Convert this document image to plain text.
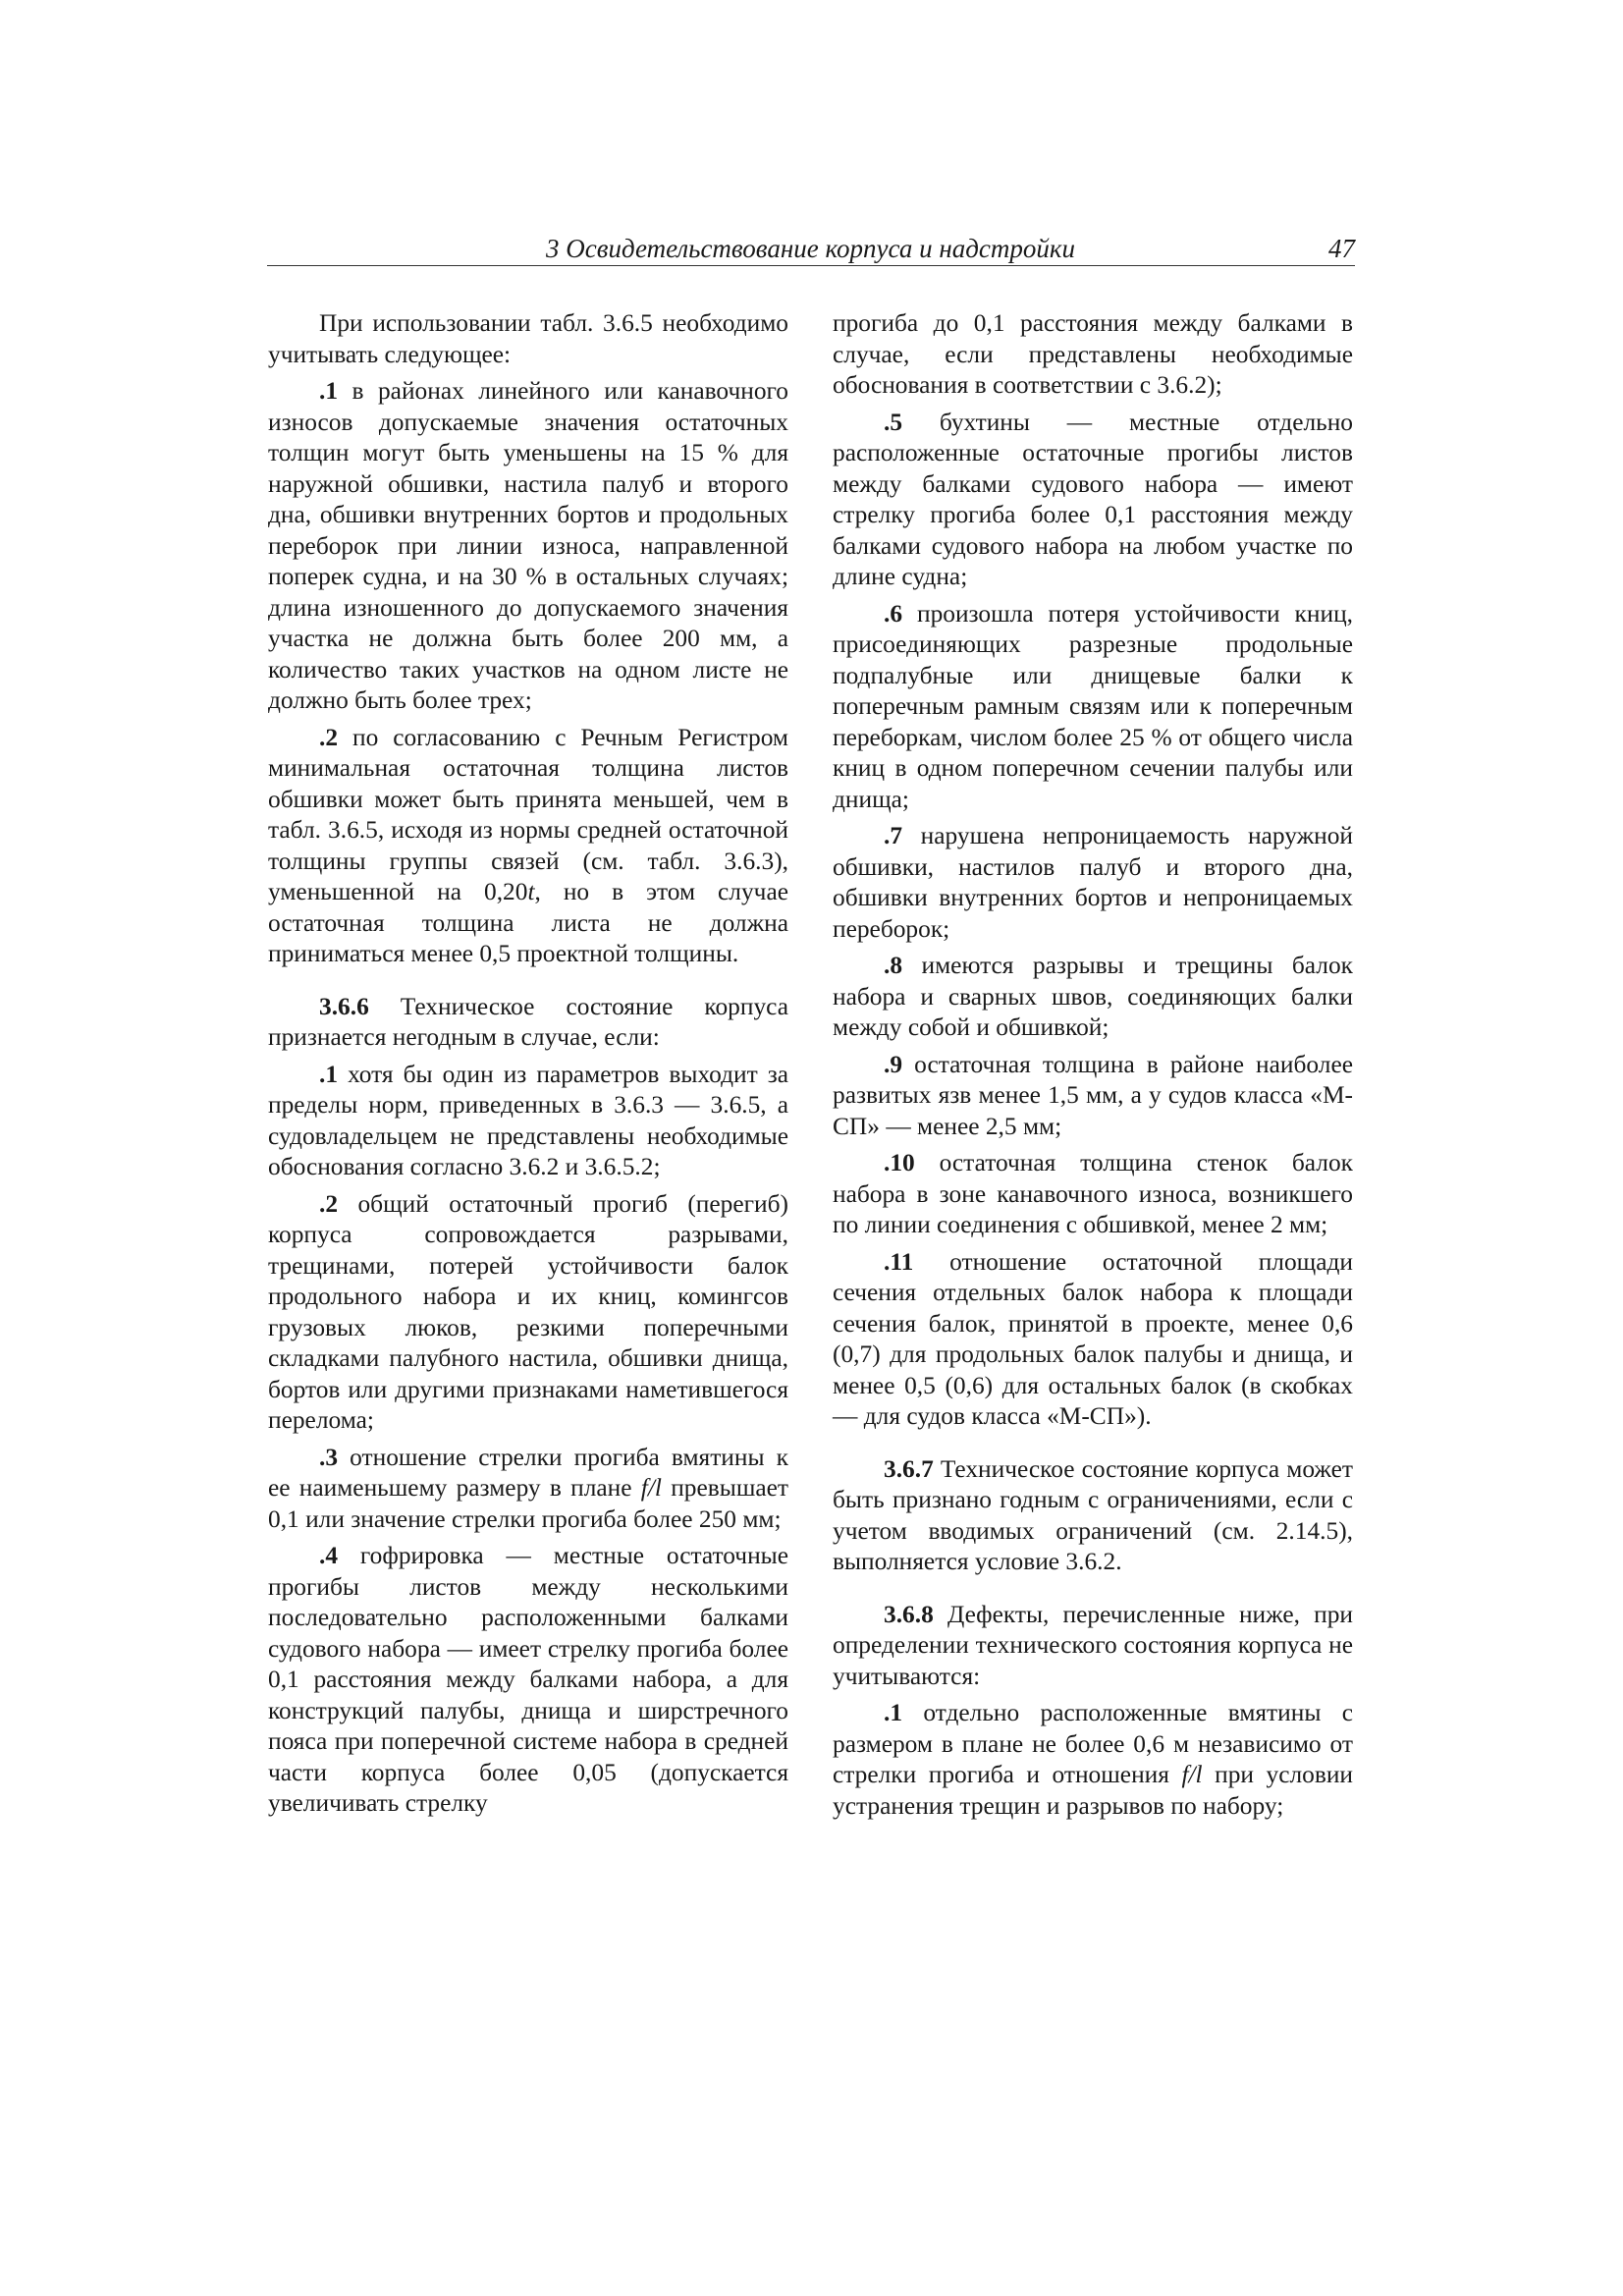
3 Освидетельствование корпуса и надстройки	47

При использовании табл. 3.6.5 необходимо учитывать следующее:

.1 в районах линейного или канавочного износов допускаемые значения остаточных толщин могут быть уменьшены на 15 % для наружной обшивки, настила палуб и второго дна, обшивки внутренних бортов и продольных переборок при линии износа, направленной поперек судна, и на 30 % в остальных случаях; длина изношенного до допускаемого значения участка не должна быть более 200 мм, а количество таких участков на одном листе не должно быть более трех;

.2 по согласованию с Речным Регистром минимальная остаточная толщина листов обшивки может быть принята меньшей, чем в табл. 3.6.5, исходя из нормы средней остаточной толщины группы связей (см. табл. 3.6.3), уменьшенной на 0,20t, но в этом случае остаточная толщина листа не должна приниматься менее 0,5 проектной толщины.

3.6.6 Техническое состояние корпуса признается негодным в случае, если:

.1 хотя бы один из параметров выходит за пределы норм, приведенных в 3.6.3 — 3.6.5, а судовладельцем не представлены необходимые обоснования согласно 3.6.2 и 3.6.5.2;

.2 общий остаточный прогиб (перегиб) корпуса сопровождается разрывами, трещинами, потерей устойчивости балок продольного набора и их книц, комингсов грузовых люков, резкими поперечными складками палубного настила, обшивки днища, бортов или другими признаками наметившегося перелома;

.3 отношение стрелки прогиба вмятины к ее наименьшему размеру в плане f/l превышает 0,1 или значение стрелки прогиба более 250 мм;

.4 гофрировка — местные остаточные прогибы листов между несколькими последовательно расположенными балками судового набора — имеет стрелку прогиба более 0,1 расстояния между балками набора, а для конструкций палубы, днища и ширстречного пояса при поперечной системе набора в средней части корпуса более 0,05 (допускается увеличивать стрелку

прогиба до 0,1 расстояния между балками в случае, если представлены необходимые обоснования в соответствии с 3.6.2);

.5 бухтины — местные отдельно расположенные остаточные прогибы листов между балками судового набора — имеют стрелку прогиба более 0,1 расстояния между балками судового набора на любом участке по длине судна;

.6 произошла потеря устойчивости книц, присоединяющих разрезные продольные подпалубные или днищевые балки к поперечным рамным связям или к поперечным переборкам, числом более 25 % от общего числа книц в одном поперечном сечении палубы или днища;

.7 нарушена непроницаемость наружной обшивки, настилов палуб и второго дна, обшивки внутренних бортов и непроницаемых переборок;

.8 имеются разрывы и трещины балок набора и сварных швов, соединяющих балки между собой и обшивкой;

.9 остаточная толщина в районе наиболее развитых язв менее 1,5 мм, а у судов класса «М-СП» — менее 2,5 мм;

.10 остаточная толщина стенок балок набора в зоне канавочного износа, возникшего по линии соединения с обшивкой, менее 2 мм;

.11 отношение остаточной площади сечения отдельных балок набора к площади сечения балок, принятой в проекте, менее 0,6 (0,7) для продольных балок палубы и днища, и менее 0,5 (0,6) для остальных балок (в скобках — для судов класса «М-СП»).

3.6.7 Техническое состояние корпуса может быть признано годным с ограничениями, если с учетом вводимых ограничений (см. 2.14.5), выполняется условие 3.6.2.

3.6.8 Дефекты, перечисленные ниже, при определении технического состояния корпуса не учитываются:

.1 отдельно расположенные вмятины с размером в плане не более 0,6 м независимо от стрелки прогиба и отношения f/l при условии устранения трещин и разрывов по набору;
